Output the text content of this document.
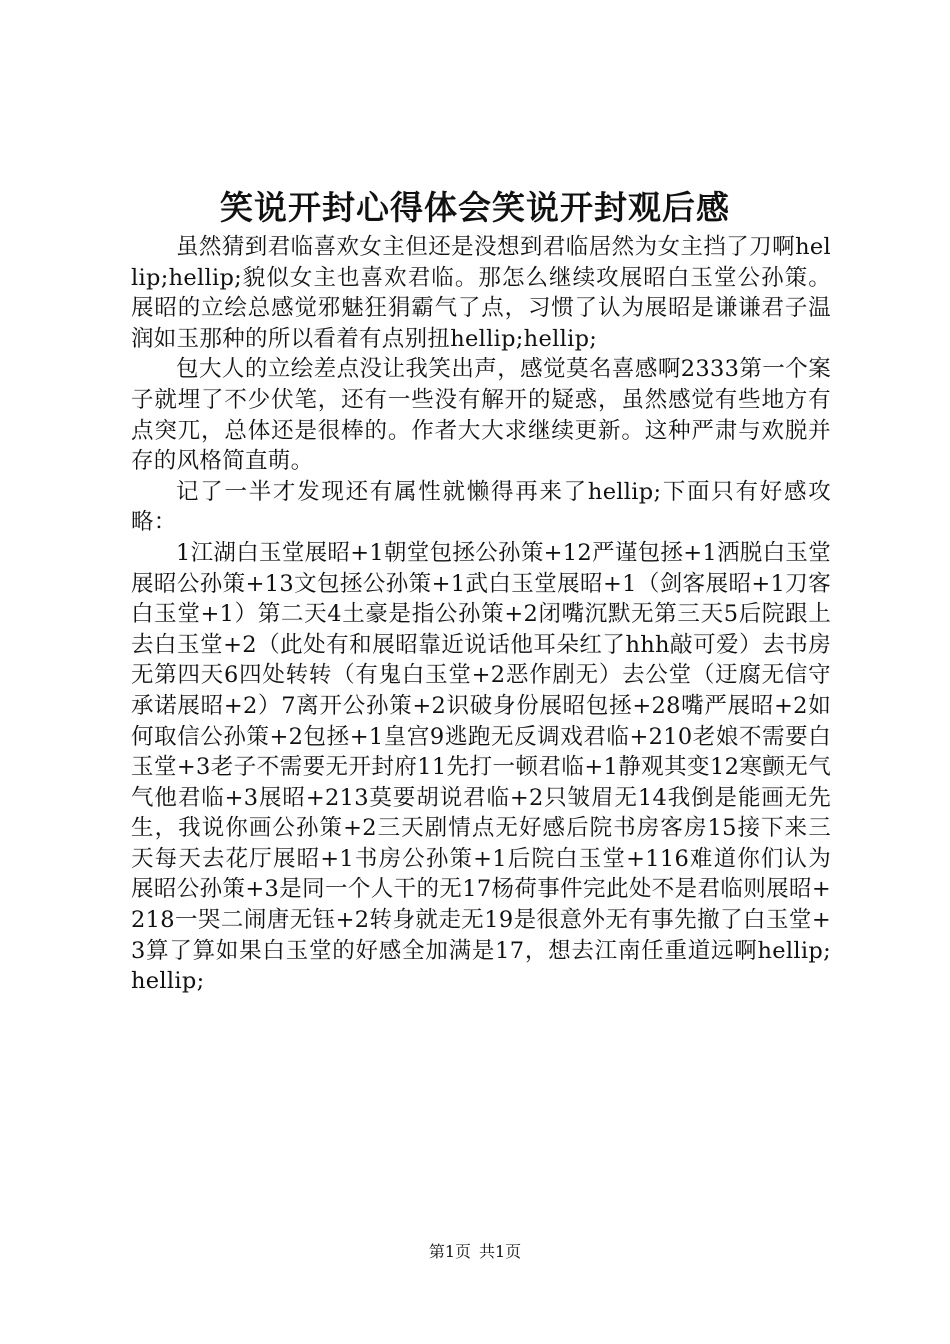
笑说开封心得体会笑说开封观后感

虽然猜到君临喜欢女主但还是没想到君临居然为女主挡了刀啊hellip;hellip;貌似女主也喜欢君临。那怎么继续攻展昭白玉堂公孙策。展昭的立绘总感觉邪魅狂狷霸气了点，习惯了认为展昭是谦谦君子温润如玉那种的所以看着有点别扭hellip;hellip;

包大人的立绘差点没让我笑出声，感觉莫名喜感啊2333第一个案子就埋了不少伏笔，还有一些没有解开的疑惑，虽然感觉有些地方有点突兀，总体还是很棒的。作者大大求继续更新。这种严肃与欢脱并存的风格简直萌。

记了一半才发现还有属性就懒得再来了hellip;下面只有好感攻略：

1江湖白玉堂展昭+1朝堂包拯公孙策+12严谨包拯+1洒脱白玉堂展昭公孙策+13文包拯公孙策+1武白玉堂展昭+1（剑客展昭+1刀客白玉堂+1）第二天4土豪是指公孙策+2闭嘴沉默无第三天5后院跟上去白玉堂+2（此处有和展昭靠近说话他耳朵红了hhh敲可爱）去书房无第四天6四处转转（有鬼白玉堂+2恶作剧无）去公堂（迂腐无信守承诺展昭+2）7离开公孙策+2识破身份展昭包拯+28嘴严展昭+2如何取信公孙策+2包拯+1皇宫9逃跑无反调戏君临+210老娘不需要白玉堂+3老子不需要无开封府11先打一顿君临+1静观其变12寒颤无气气他君临+3展昭+213莫要胡说君临+2只皱眉无14我倒是能画无先生，我说你画公孙策+2三天剧情点无好感后院书房客房15接下来三天每天去花厅展昭+1书房公孙策+1后院白玉堂+116难道你们认为展昭公孙策+3是同一个人干的无17杨荷事件完此处不是君临则展昭+218一哭二闹唐无钰+2转身就走无19是很意外无有事先撤了白玉堂+3算了算如果白玉堂的好感全加满是17，想去江南任重道远啊hellip;hellip;

第1页 共1页
